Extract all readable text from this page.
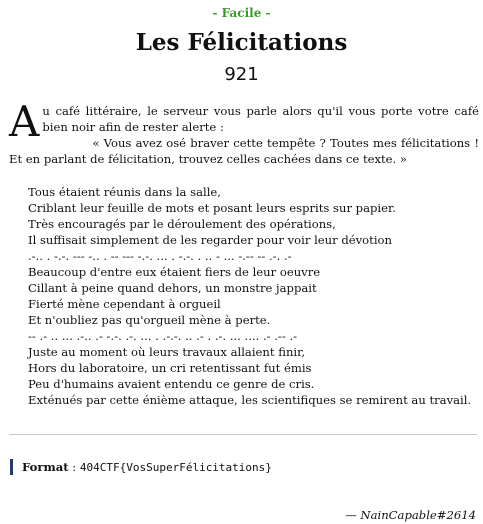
- Facile -
Les Félicitations
921
A u café littéraire, le serveur vous parle alors qu'il vous porte votre café bien noir afin de rester alerte :

« Vous avez osé braver cette tempête ? Toutes mes félicitations ! Et en parlant de félicitation, trouvez celles cachées dans ce texte. »

Tous étaient réunis dans la salle,
Criblant leur feuille de mots et posant leurs esprits sur papier.
Très encouragés par le déroulement des opérations,
Il suffisait simplement de les regarder pour voir leur dévotion
.-.. . -.-. --- -.. . -- --- -.-. ... . -.-. . .. - ... -.-- -- .-. .-
Beaucoup d'entre eux étaient fiers de leur oeuvre
Cillant à peine quand dehors, un monstre jappait
Fierté mène cependant à orgueil
Et n'oubliez pas qu'orgueil mène à perte.
-- .- .. ... .-.. .- -.-. .-. ... . .-.-. .. .- . .-. ... .... .- .-- .-
Juste au moment où leurs travaux allaient finir,
Hors du laboratoire, un cri retentissant fut émis
Peu d'humains avaient entendu ce genre de cris.
Exténués par cette énième attaque, les scientifiques se remirent au travail.
Format : 404CTF{VosSuperFélicitations}
— NainCapable#2614
